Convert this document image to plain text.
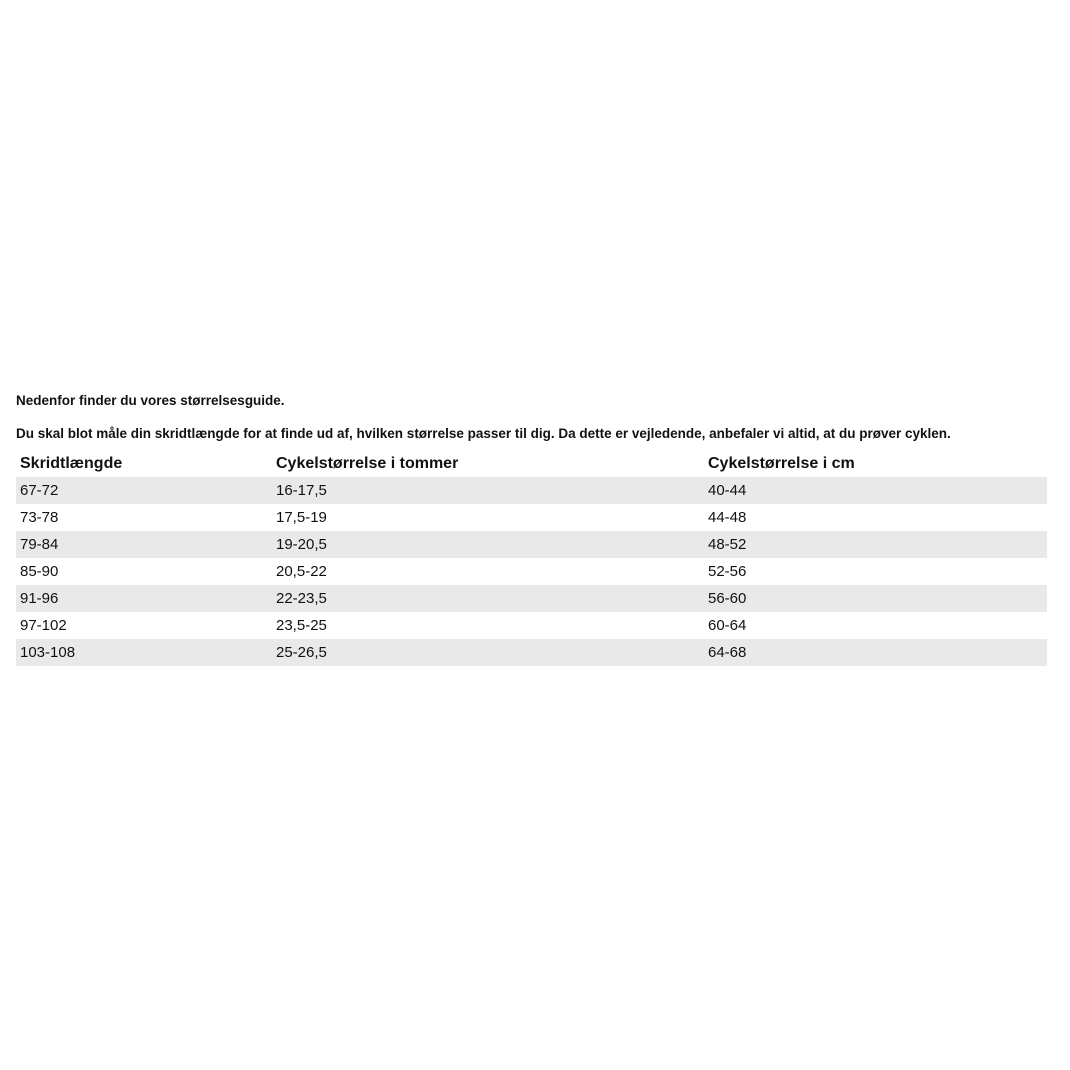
Nedenfor finder du vores størrelsesguide.

Du skal blot måle din skridtlængde for at finde ud af, hvilken størrelse passer til dig. Da dette er vejledende, anbefaler vi altid, at du prøver cyklen.

Skridtlængde	Cykelstørrelse i tommer	Cykelstørrelse i cm
67-72	16-17,5	40-44
73-78	17,5-19	44-48
79-84	19-20,5	48-52
85-90	20,5-22	52-56
91-96	22-23,5	56-60
97-102	23,5-25	60-64
103-108	25-26,5	64-68
